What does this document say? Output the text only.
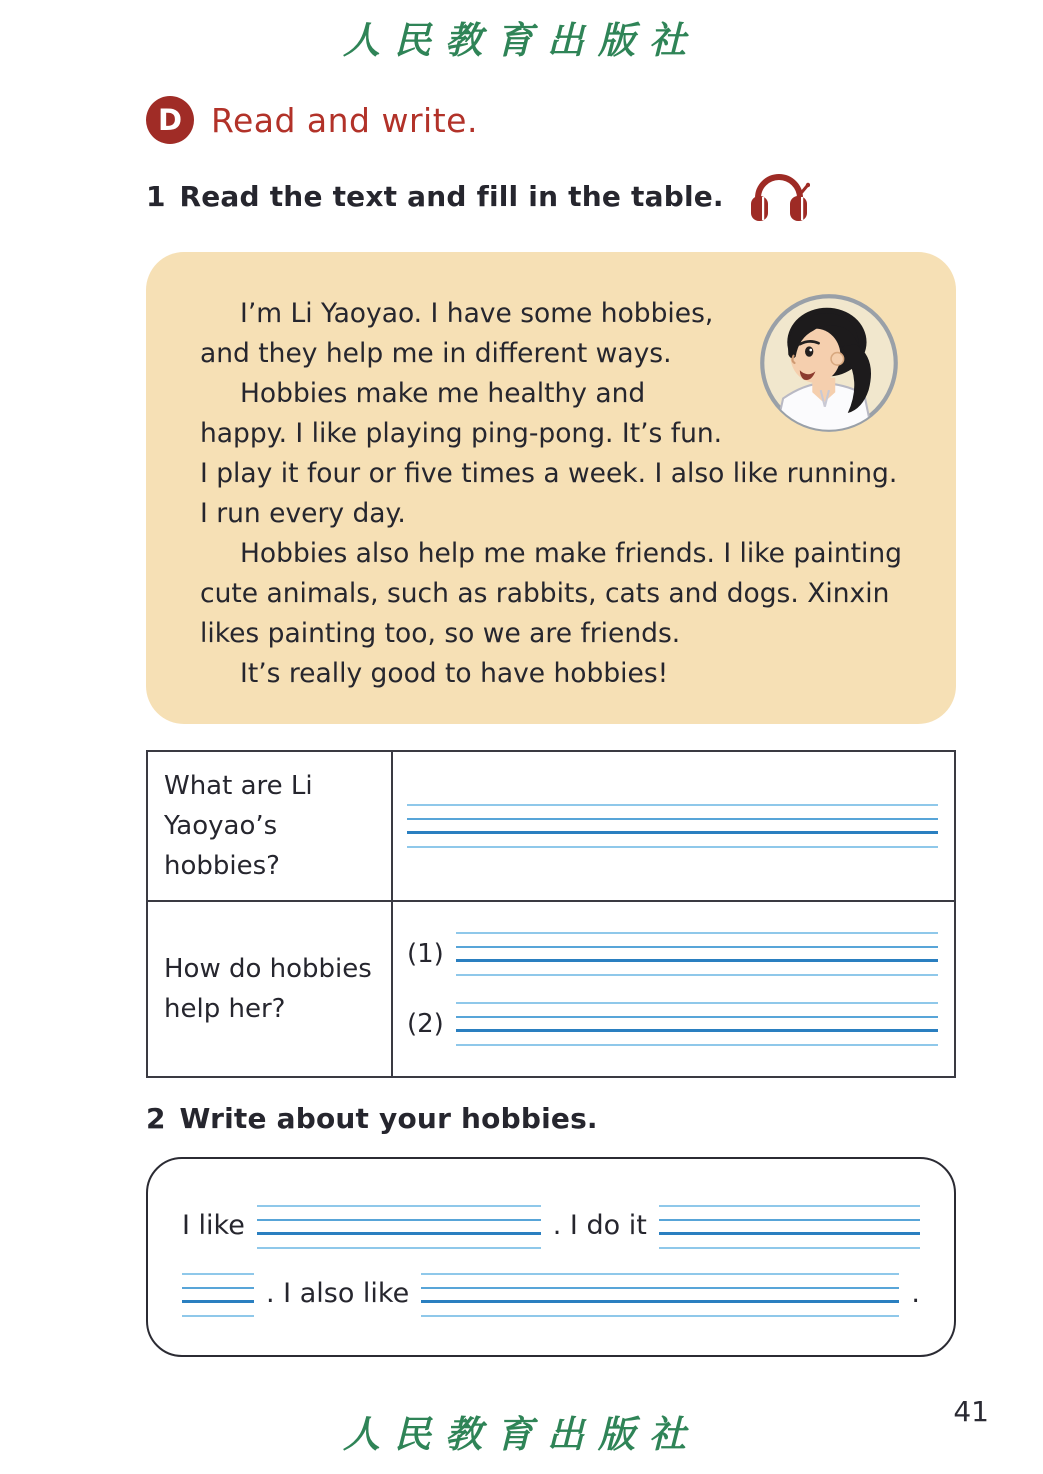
人民教育出版社
D Read and write.
1 Read the text and fill in the table.

I’m Li Yaoyao. I have some hobbies, and they help me in different ways.

Hobbies make me healthy and happy. I like playing ping-pong. It’s fun. I play it four or five times a week. I also like running. I run every day.

Hobbies also help me make friends. I like painting cute animals, such as rabbits, cats and dogs. Xinxin likes painting too, so we are friends.

It’s really good to have hobbies!

What are Li Yaoyao’s hobbies?	

How do hobbies help her?	(1)
(2)
2 Write about your hobbies.
I like	. I do it
. I also like	.
41
人民教育出版社
